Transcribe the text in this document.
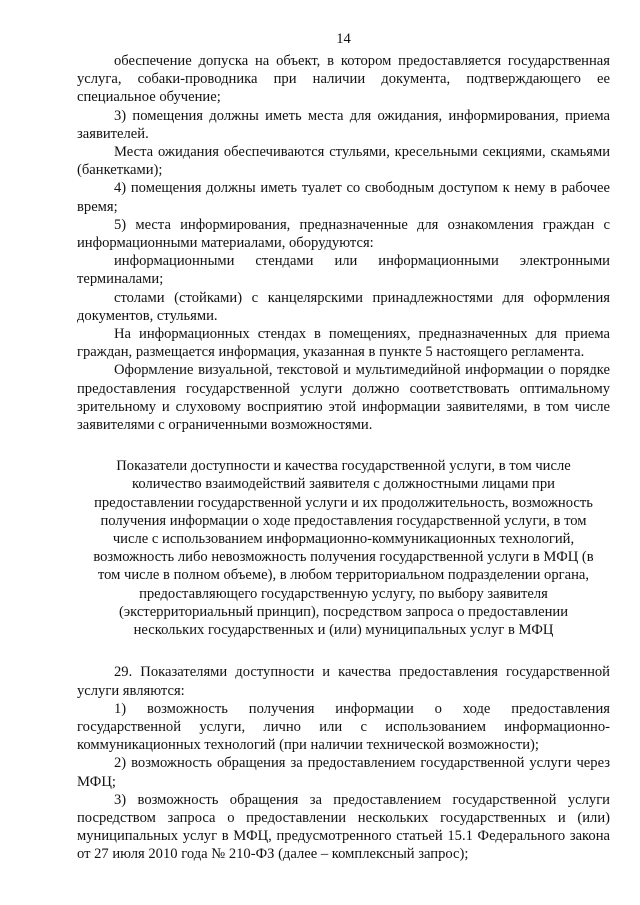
14

обеспечение допуска на объект, в котором предоставляется государственная услуга, собаки-проводника при наличии документа, подтверждающего ее специальное обучение;

3) помещения должны иметь места для ожидания, информирования, приема заявителей.

Места ожидания обеспечиваются стульями, кресельными секциями, скамьями (банкетками);

4) помещения должны иметь туалет со свободным доступом к нему в рабочее время;

5) места информирования, предназначенные для ознакомления граждан с информационными материалами, оборудуются:

информационными стендами или информационными электронными терминалами;

столами (стойками) с канцелярскими принадлежностями для оформления документов, стульями.

На информационных стендах в помещениях, предназначенных для приема граждан, размещается информация, указанная в пункте 5 настоящего регламента.

Оформление визуальной, текстовой и мультимедийной информации о порядке предоставления государственной услуги должно соответствовать оптимальному зрительному и слуховому восприятию этой информации заявителями, в том числе заявителями с ограниченными возможностями.

Показатели доступности и качества государственной услуги, в том числе
количество взаимодействий заявителя с должностными лицами при
предоставлении государственной услуги и их продолжительность, возможность
получения информации о ходе предоставления государственной услуги, в том
числе с использованием информационно-коммуникационных технологий,
возможность либо невозможность получения государственной услуги в МФЦ (в
том числе в полном объеме), в любом территориальном подразделении органа,
предоставляющего государственную услугу, по выбору заявителя
(экстерриториальный принцип), посредством запроса о предоставлении
нескольких государственных и (или) муниципальных услуг в МФЦ

29. Показателями доступности и качества предоставления государственной услуги являются:

1) возможность получения информации о ходе предоставления государственной услуги, лично или с использованием информационно-коммуникационных технологий (при наличии технической возможности);

2) возможность обращения за предоставлением государственной услуги через МФЦ;

3) возможность обращения за предоставлением государственной услуги посредством запроса о предоставлении нескольких государственных и (или) муниципальных услуг в МФЦ, предусмотренного статьей 15.1 Федерального закона от 27 июля 2010 года № 210-ФЗ (далее – комплексный запрос);
